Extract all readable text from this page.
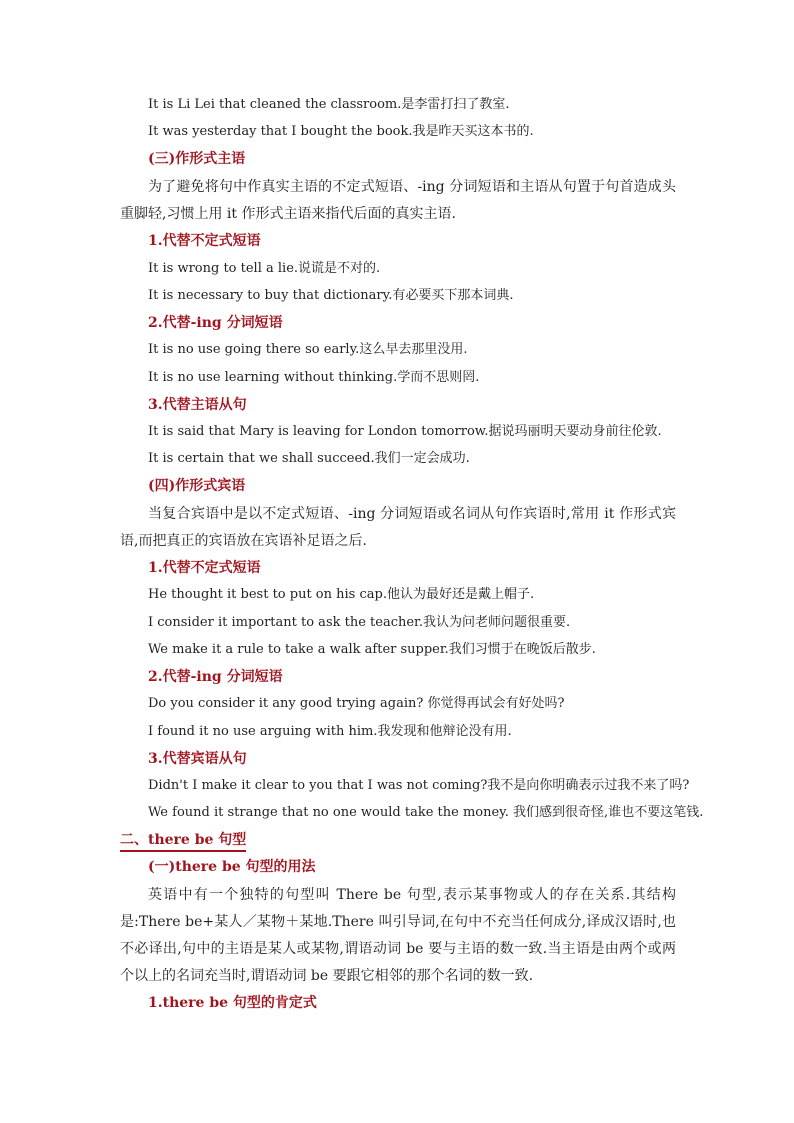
It is Li Lei that cleaned the classroom.是李雷打扫了教室.
It was yesterday that I bought the book.我是昨天买这本书的.
(三)作形式主语
为了避免将句中作真实主语的不定式短语、-ing 分词短语和主语从句置于句首造成头重脚轻,习惯上用 it 作形式主语来指代后面的真实主语.
1.代替不定式短语
It is wrong to tell a lie.说谎是不对的.
It is necessary to buy that dictionary.有必要买下那本词典.
2.代替-ing 分词短语
It is no use going there so early.这么早去那里没用.
It is no use learning without thinking.学而不思则罔.
3.代替主语从句
It is said that Mary is leaving for London tomorrow.据说玛丽明天要动身前往伦敦.
It is certain that we shall succeed.我们一定会成功.
(四)作形式宾语
当复合宾语中是以不定式短语、-ing 分词短语或名词从句作宾语时,常用 it 作形式宾语,而把真正的宾语放在宾语补足语之后.
1.代替不定式短语
He thought it best to put on his cap.他认为最好还是戴上帽子.
I consider it important to ask the teacher.我认为问老师问题很重要.
We make it a rule to take a walk after supper.我们习惯于在晚饭后散步.
2.代替-ing 分词短语
Do you consider it any good trying again? 你觉得再试会有好处吗?
I found it no use arguing with him.我发现和他辩论没有用.
3.代替宾语从句
Didn't I make it clear to you that I was not coming?我不是向你明确表示过我不来了吗?
We found it strange that no one would take the money. 我们感到很奇怪,谁也不要这笔钱.
二、there be 句型
(一)there be 句型的用法
英语中有一个独特的句型叫 There be 句型,表示某事物或人的存在关系.其结构是:There be+某人／某物＋某地.There 叫引导词,在句中不充当任何成分,译成汉语时,也不必译出,句中的主语是某人或某物,谓语动词 be 要与主语的数一致.当主语是由两个或两个以上的名词充当时,谓语动词 be 要跟它相邻的那个名词的数一致.
1.there be 句型的肯定式
